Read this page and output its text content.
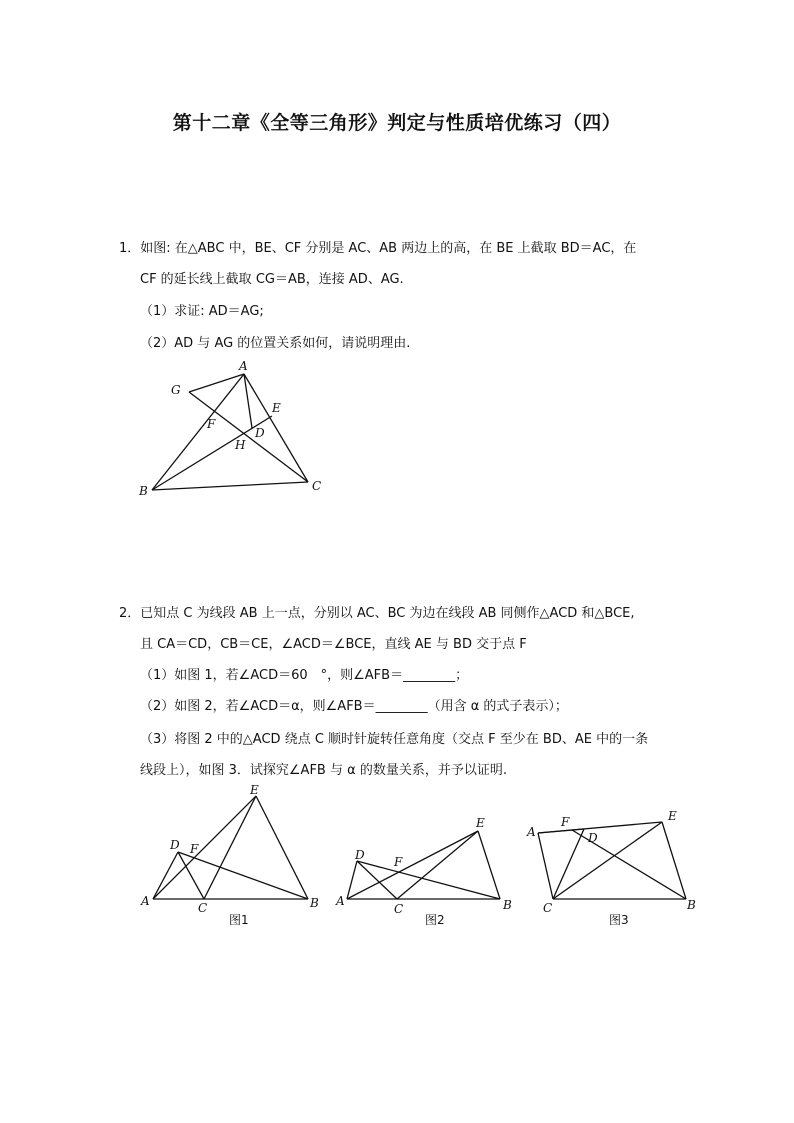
第十二章《全等三角形》判定与性质培优练习（四）
1．如图: 在△ABC 中，BE、CF 分别是 AC、AB 两边上的高，在 BE 上截取 BD＝AC，在
CF 的延长线上截取 CG＝AB，连接 AD、AG.
（1）求证: AD＝AG;
（2）AD 与 AG 的位置关系如何，请说明理由.
A
G
E
F
D
H
B	C
2．已知点 C 为线段 AB 上一点，分别以 AC、BC 为边在线段 AB 同侧作△ACD 和△BCE,
且 CA＝CD，CB＝CE，∠ACD＝∠BCE，直线 AE 与 BD 交于点 F
（1）如图 1，若∠ACD＝60　°，则∠AFB＝________；
（2）如图 2，若∠ACD＝α，则∠AFB＝________（用含 α 的式子表示）；
（3）将图 2 中的△ACD 绕点 C 顺时针旋转任意角度（交点 F 至少在 BD、AE 中的一条
线段上），如图 3．试探究∠AFB 与 α 的数量关系，并予以证明.
A
D F
E
C	B
图1
A
D F
E
C	B
图2
A
F
D
E
C	B
图3
